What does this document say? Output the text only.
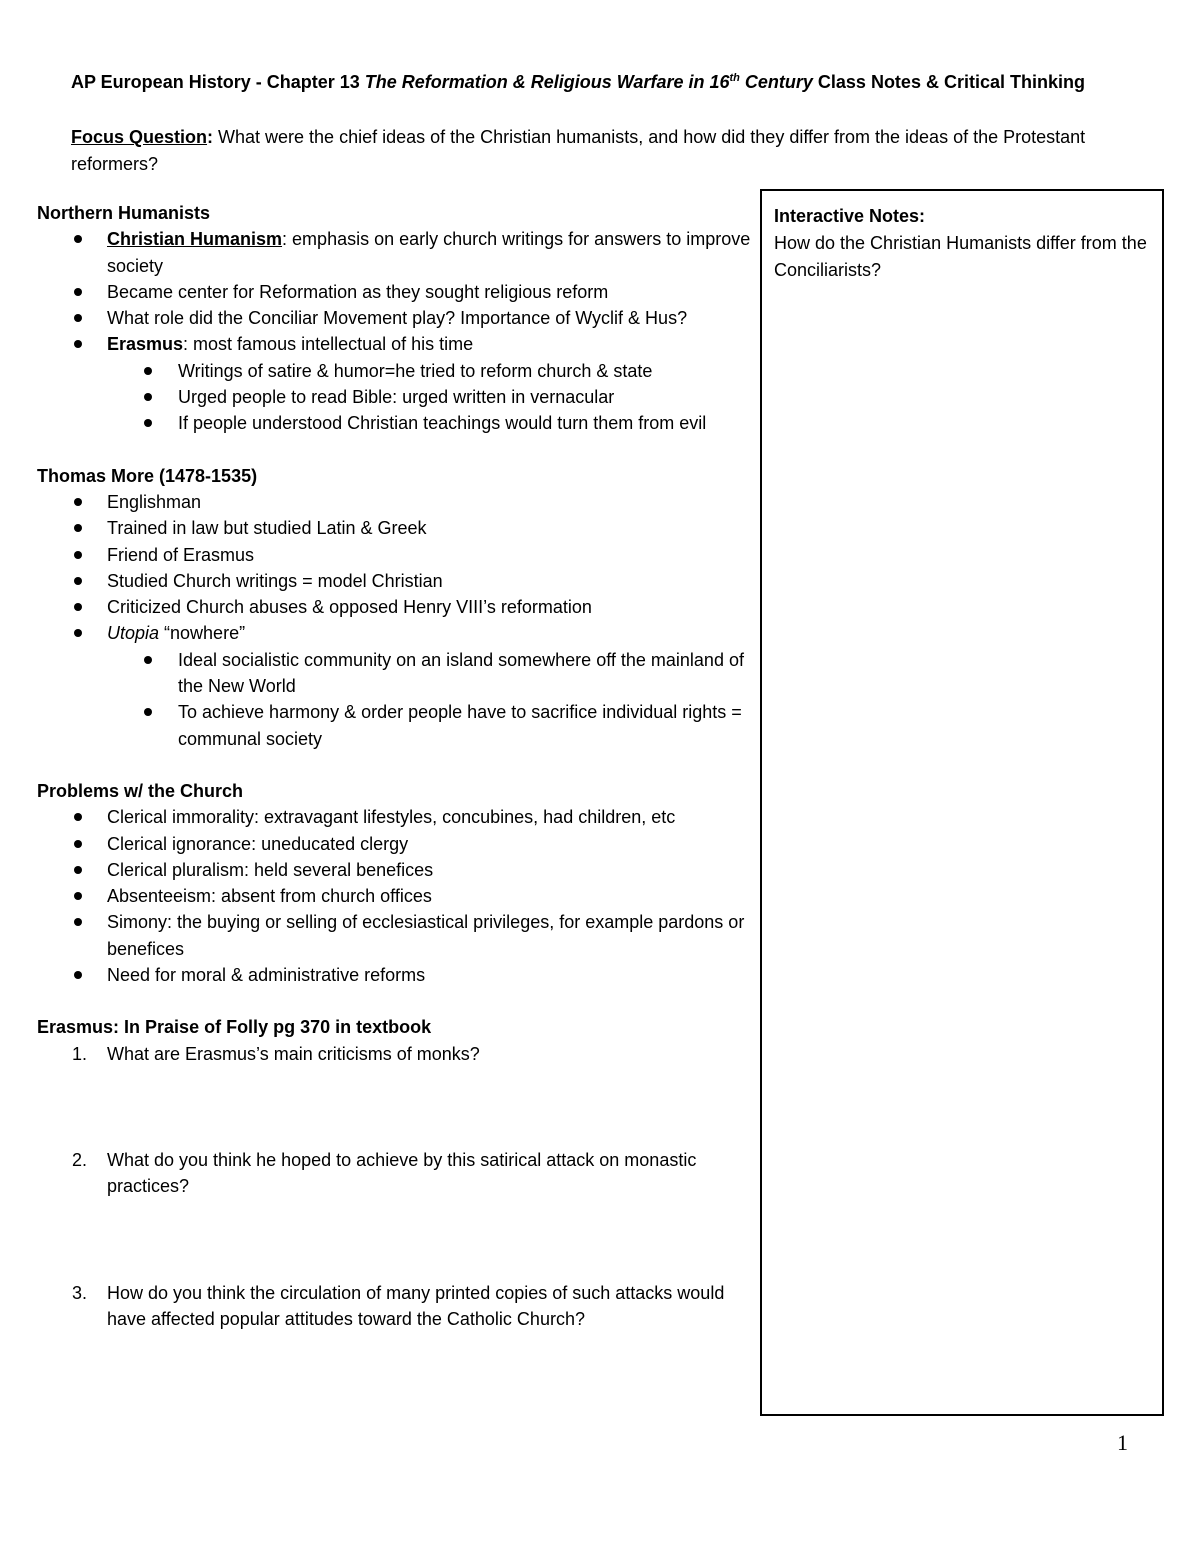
AP European History - Chapter 13 The Reformation & Religious Warfare in 16th Century Class Notes & Critical Thinking
Focus Question: What were the chief ideas of the Christian humanists, and how did they differ from the ideas of the Protestant reformers?
Northern Humanists
Christian Humanism: emphasis on early church writings for answers to improve society
Became center for Reformation as they sought religious reform
What role did the Conciliar Movement play? Importance of Wyclif & Hus?
Erasmus: most famous intellectual of his time
Writings of satire & humor=he tried to reform church & state
Urged people to read Bible: urged written in vernacular
If people understood Christian teachings would turn them from evil
Thomas More (1478-1535)
Englishman
Trained in law but studied Latin & Greek
Friend of Erasmus
Studied Church writings = model Christian
Criticized Church abuses & opposed Henry VIII’s reformation
Utopia “nowhere”
Ideal socialistic community on an island somewhere off the mainland of the New World
To achieve harmony & order people have to sacrifice individual rights = communal society
Problems w/ the Church
Clerical immorality: extravagant lifestyles, concubines, had children, etc
Clerical ignorance: uneducated clergy
Clerical pluralism: held several benefices
Absenteeism: absent from church offices
Simony: the buying or selling of ecclesiastical privileges, for example pardons or benefices
Need for moral & administrative reforms
Erasmus: In Praise of Folly pg 370 in textbook
1. What are Erasmus’s main criticisms of monks?
2. What do you think he hoped to achieve by this satirical attack on monastic practices?
3. How do you think the circulation of many printed copies of such attacks would have affected popular attitudes toward the Catholic Church?
Interactive Notes:
How do the Christian Humanists differ from the Conciliarists?
1
